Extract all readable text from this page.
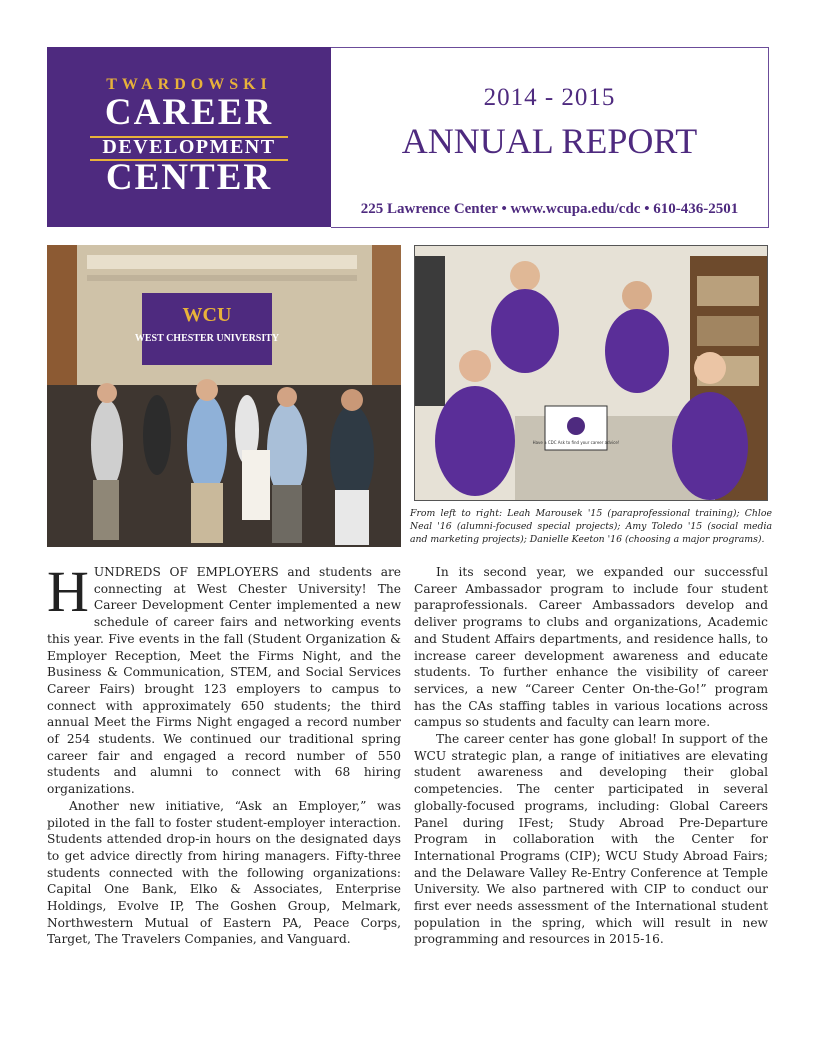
TWARDOWSKI
CAREER
DEVELOPMENT
CENTER
2014 - 2015
ANNUAL REPORT
225 Lawrence Center • www.wcupa.edu/cdc • 610-436-2501
WCU
WEST CHESTER UNIVERSITY
Have a CDC Ask to find your career advice!
From left to right: Leah Marousek '15 (paraprofessional training); Chloe Neal '16 (alumni-focused special projects); Amy Toledo '15 (social media and marketing projects); Danielle Keeton '16 (choosing a major programs).

HUNDREDS OF EMPLOYERS and students are connecting at West Chester University! The Career Development Center implemented a new schedule of career fairs and networking events this year. Five events in the fall (Student Organization & Employer Reception, Meet the Firms Night, and the Business & Communication, STEM, and Social Services Career Fairs) brought 123 employers to campus to connect with approximately 650 students; the third annual Meet the Firms Night engaged a record number of 254 students. We continued our traditional spring career fair and engaged a record number of 550 students and alumni to connect with 68 hiring organizations.

Another new initiative, “Ask an Employer,” was piloted in the fall to foster student-employer interaction. Students attended drop-in hours on the designated days to get advice directly from hiring managers. Fifty-three students connected with the following organizations: Capital One Bank, Elko & Associates, Enterprise Holdings, Evolve IP, The Goshen Group, Melmark, Northwestern Mutual of Eastern PA, Peace Corps, Target, The Travelers Companies, and Vanguard.

In its second year, we expanded our successful Career Ambassador program to include four student paraprofessionals. Career Ambassadors develop and deliver programs to clubs and organizations, Academic and Student Affairs departments, and residence halls, to increase career development awareness and educate students. To further enhance the visibility of career services, a new “Career Center On-the-Go!” program has the CAs staffing tables in various locations across campus so students and faculty can learn more.

The career center has gone global! In support of the WCU strategic plan, a range of initiatives are elevating student awareness and developing their global competencies. The center participated in several globally-focused programs, including: Global Careers Panel during IFest; Study Abroad Pre-Departure Program in collaboration with the Center for International Programs (CIP); WCU Study Abroad Fairs; and the Delaware Valley Re-Entry Conference at Temple University. We also partnered with CIP to conduct our first ever needs assessment of the International student population in the spring, which will result in new programming and resources in 2015-16.
